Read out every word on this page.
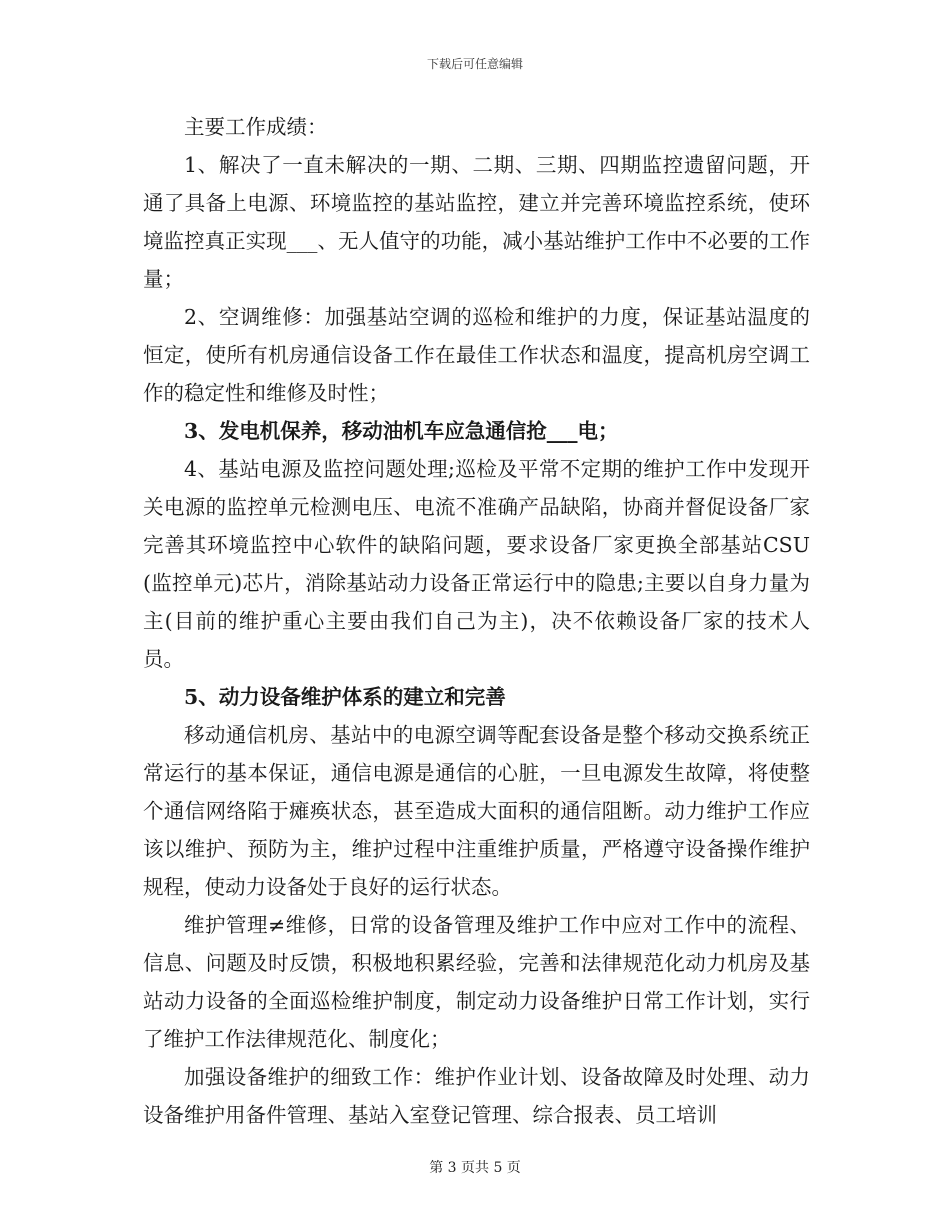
下载后可任意编辑

主要工作成绩：

1、解决了一直未解决的一期、二期、三期、四期监控遗留问题，开通了具备上电源、环境监控的基站监控，建立并完善环境监控系统，使环境监控真正实现___、无人值守的功能，减小基站维护工作中不必要的工作量；

2、空调维修：加强基站空调的巡检和维护的力度，保证基站温度的恒定，使所有机房通信设备工作在最佳工作状态和温度，提高机房空调工作的稳定性和维修及时性；

3、发电机保养，移动油机车应急通信抢___电；

4、基站电源及监控问题处理;巡检及平常不定期的维护工作中发现开关电源的监控单元检测电压、电流不准确产品缺陷，协商并督促设备厂家完善其环境监控中心软件的缺陷问题，要求设备厂家更换全部基站CSU(监控单元)芯片，消除基站动力设备正常运行中的隐患;主要以自身力量为主(目前的维护重心主要由我们自己为主)，决不依赖设备厂家的技术人员。

5、动力设备维护体系的建立和完善

移动通信机房、基站中的电源空调等配套设备是整个移动交换系统正常运行的基本保证，通信电源是通信的心脏，一旦电源发生故障，将使整个通信网络陷于瘫痪状态，甚至造成大面积的通信阻断。动力维护工作应该以维护、预防为主，维护过程中注重维护质量，严格遵守设备操作维护规程，使动力设备处于良好的运行状态。

维护管理≠维修，日常的设备管理及维护工作中应对工作中的流程、信息、问题及时反馈，积极地积累经验，完善和法律规范化动力机房及基站动力设备的全面巡检维护制度，制定动力设备维护日常工作计划，实行了维护工作法律规范化、制度化；

加强设备维护的细致工作：维护作业计划、设备故障及时处理、动力设备维护用备件管理、基站入室登记管理、综合报表、员工培训

第 3 页共 5 页
